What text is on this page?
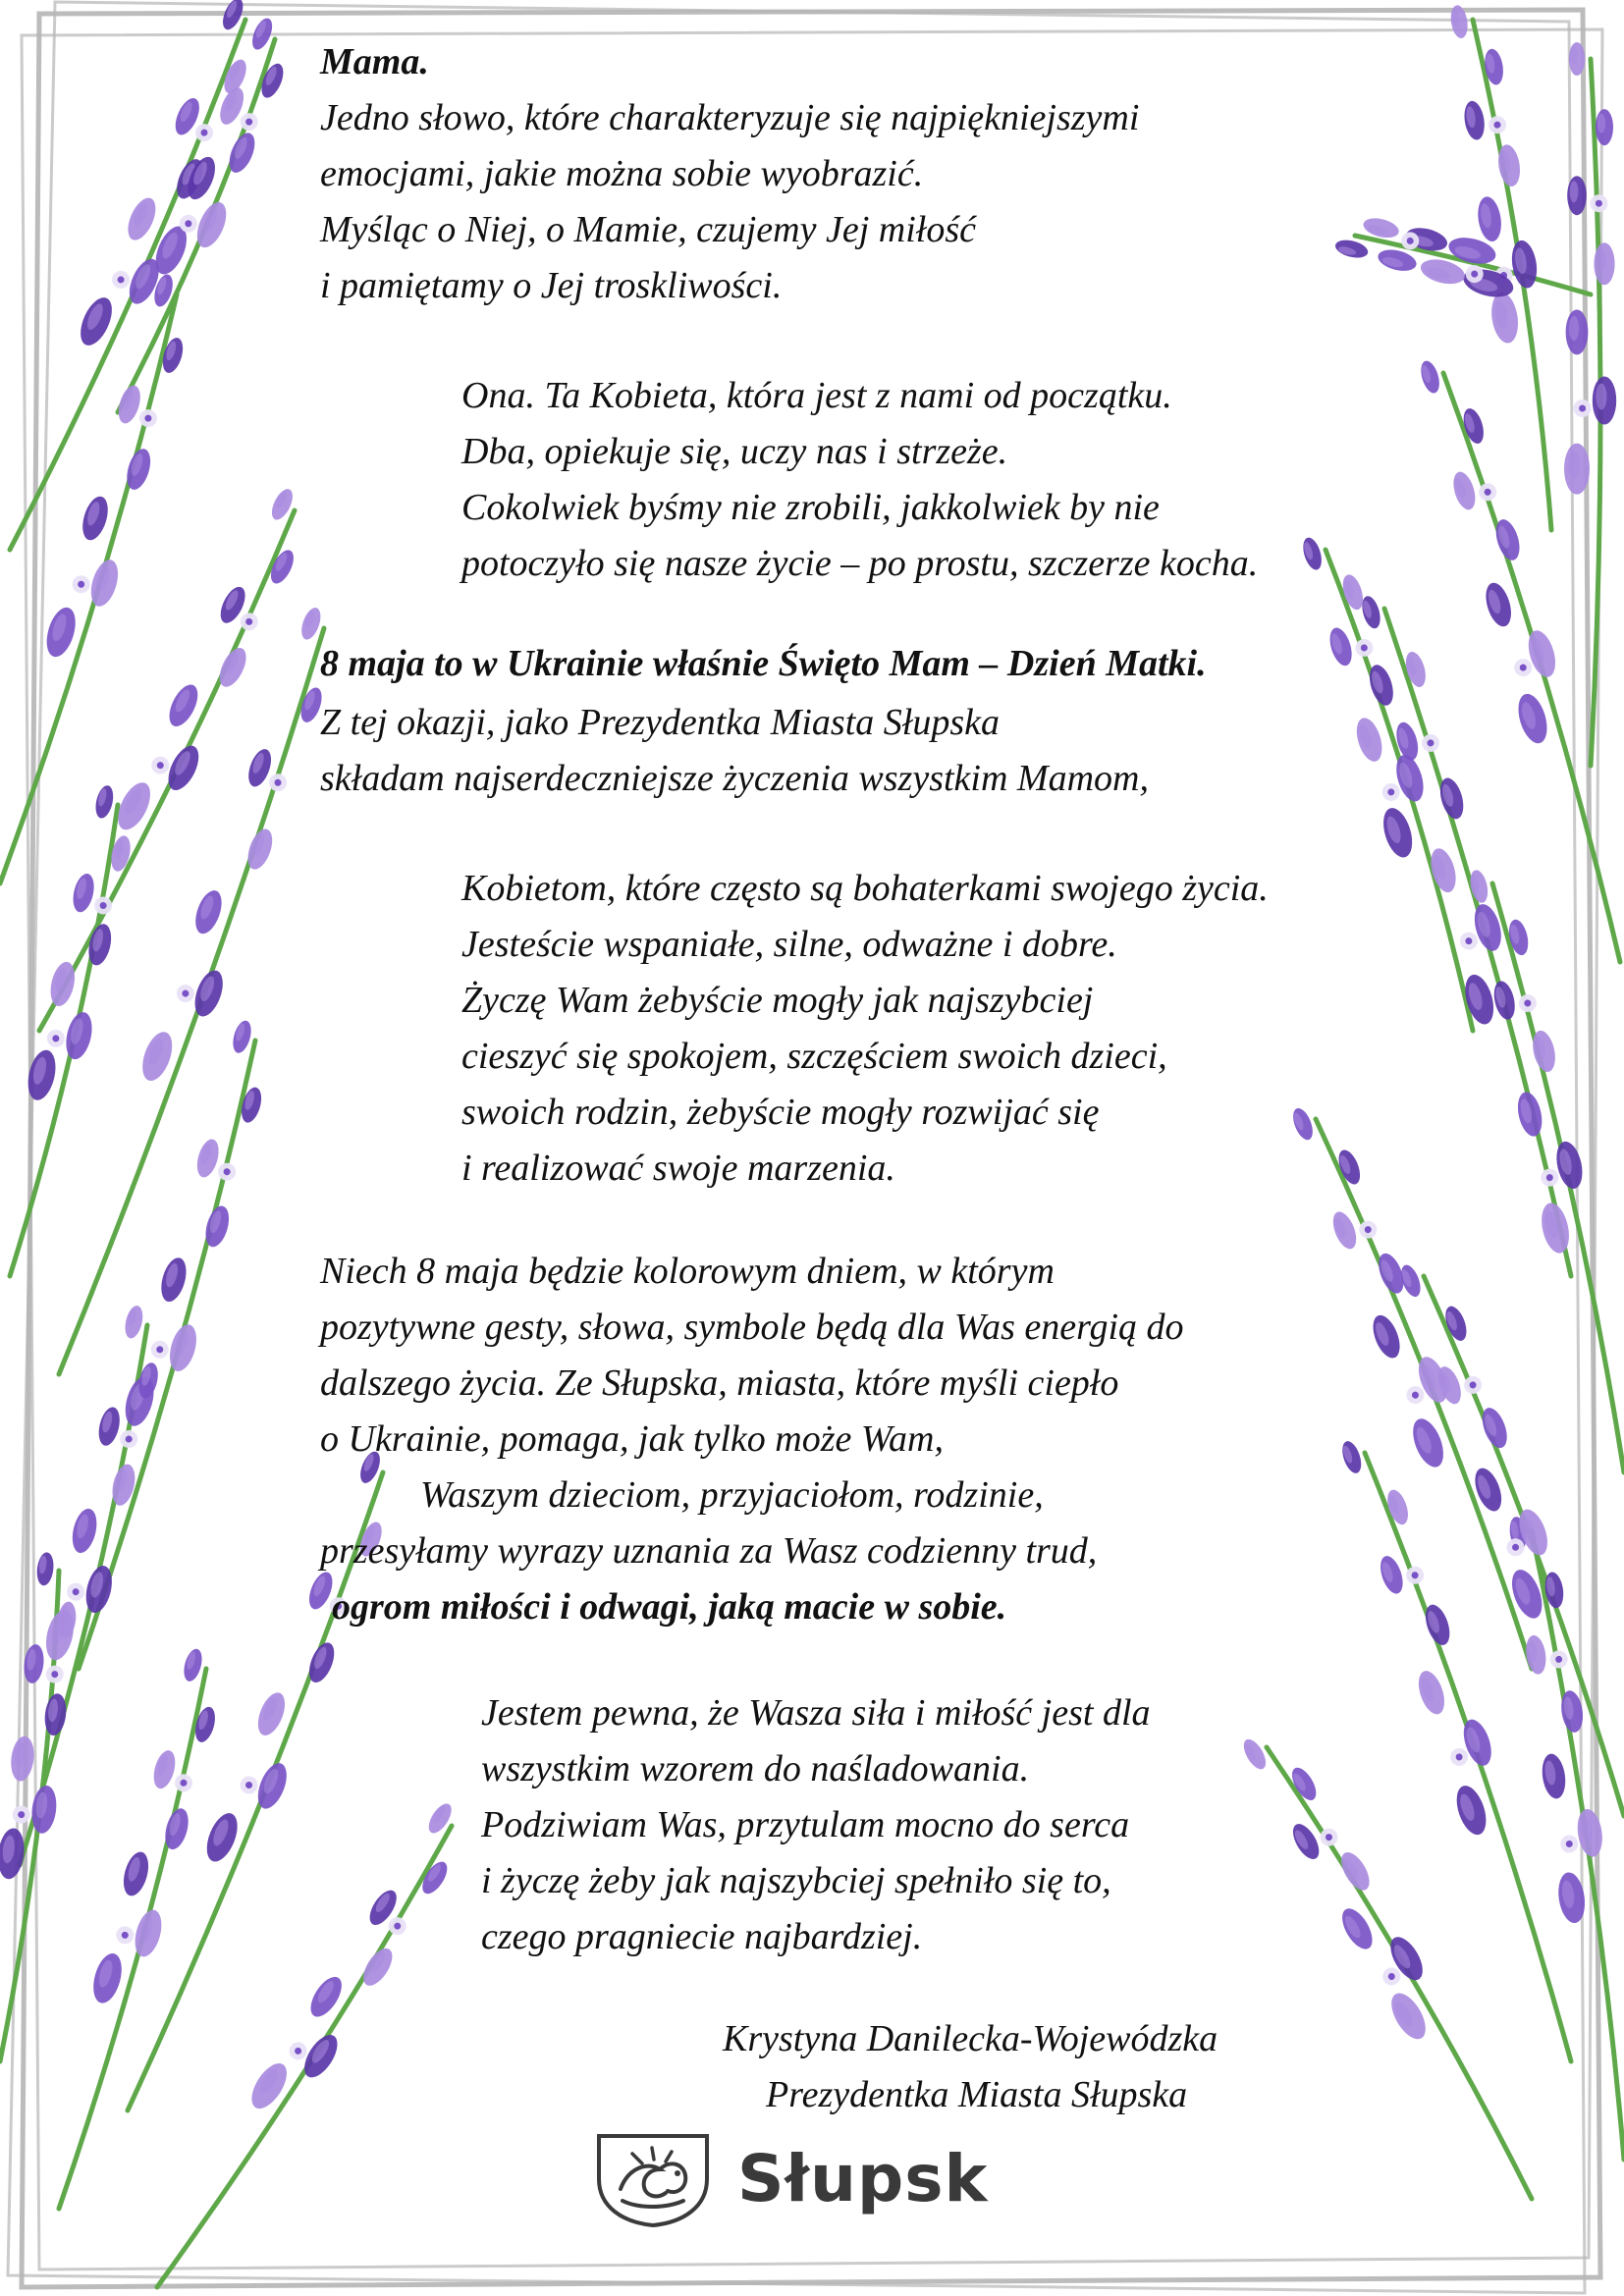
Mama.
Jedno słowo, które charakteryzuje się najpiękniejszymi
emocjami, jakie można sobie wyobrazić.
Myśląc o Niej, o Mamie, czujemy Jej miłość
i pamiętamy o Jej troskliwości.
Ona. Ta Kobieta, która jest z nami od początku.
Dba, opiekuje się, uczy nas i strzeże.
Cokolwiek byśmy nie zrobili, jakkolwiek by nie
potoczyło się nasze życie – po prostu, szczerze kocha.
8 maja to w Ukrainie właśnie Święto Mam – Dzień Matki.
Z tej okazji, jako Prezydentka Miasta Słupska
składam najserdeczniejsze życzenia wszystkim Mamom,
Kobietom, które często są bohaterkami swojego życia.
Jesteście wspaniałe, silne, odważne i dobre.
Życzę Wam żebyście mogły jak najszybciej
cieszyć się spokojem, szczęściem swoich dzieci,
swoich rodzin, żebyście mogły rozwijać się
i realizować swoje marzenia.
Niech 8 maja będzie kolorowym dniem, w którym
pozytywne gesty, słowa, symbole będą dla Was energią do
dalszego życia. Ze Słupska, miasta, które myśli ciepło
o Ukrainie, pomaga, jak tylko może Wam,
Waszym dzieciom, przyjaciołom, rodzinie,
przesyłamy wyrazy uznania za Wasz codzienny trud,
ogrom miłości i odwagi, jaką macie w sobie.
Jestem pewna, że Wasza siła i miłość jest dla
wszystkim wzorem do naśladowania.
Podziwiam Was, przytulam mocno do serca
i życzę żeby jak najszybciej spełniło się to,
czego pragniecie najbardziej.
Krystyna Danilecka-Wojewódzka
Prezydentka Miasta Słupska
Słupsk
